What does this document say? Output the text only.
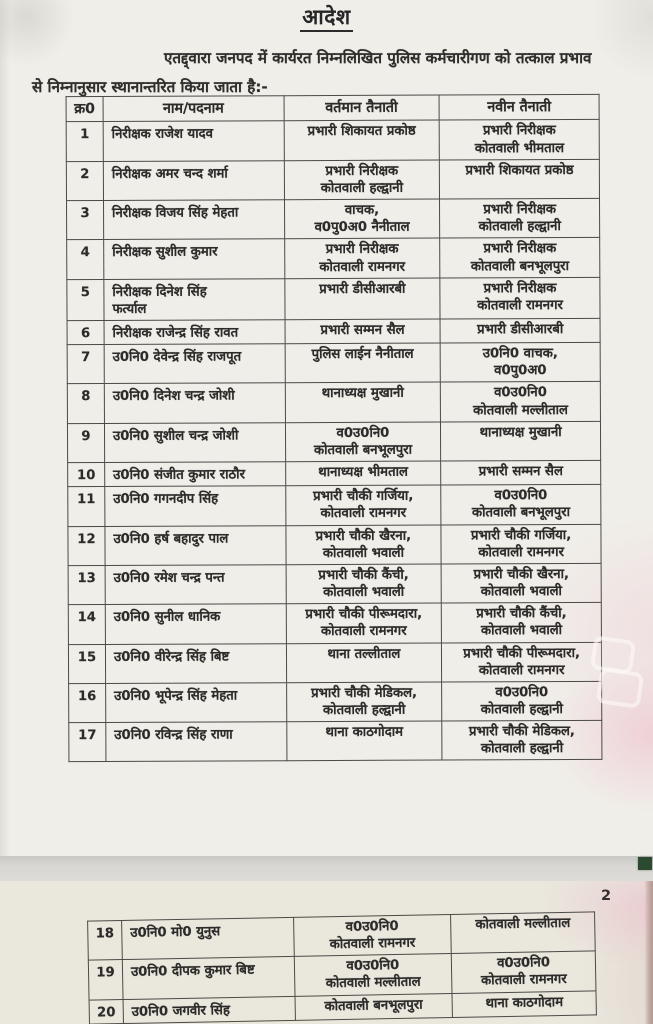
आदेश
एतद्द्वारा जनपद में कार्यरत निम्नलिखित पुलिस कर्मचारीगण को तत्काल प्रभाव
से निम्नानुसार स्थानान्तरित किया जाता है:-
क्र0	नाम/पदनाम	वर्तमान तैनाती	नवीन तैनाती
1	निरीक्षक राजेश यादव	प्रभारी शिकायत प्रकोष्ठ	प्रभारी निरीक्षक
कोतवाली भीमताल
2	निरीक्षक अमर चन्द शर्मा	प्रभारी निरीक्षक
कोतवाली हल्द्वानी	प्रभारी शिकायत प्रकोष्ठ
3	निरीक्षक विजय सिंह मेहता	वाचक,
व0पु0अ0 नैनीताल	प्रभारी निरीक्षक
कोतवाली हल्द्वानी
4	निरीक्षक सुशील कुमार	प्रभारी निरीक्षक
कोतवाली रामनगर	प्रभारी निरीक्षक
कोतवाली बनभूलपुरा
5	निरीक्षक दिनेश सिंह
फर्त्याल	प्रभारी डीसीआरबी	प्रभारी निरीक्षक
कोतवाली रामनगर
6	निरीक्षक राजेन्द्र सिंह रावत	प्रभारी सम्मन सैल	प्रभारी डीसीआरबी
7	उ0नि0 देवेन्द्र सिंह राजपूत	पुलिस लाईन नैनीताल	उ0नि0 वाचक,
व0पु0अ0
8	उ0नि0 दिनेश चन्द्र जोशी	थानाध्यक्ष मुखानी	व0उ0नि0
कोतवाली मल्लीताल
9	उ0नि0 सुशील चन्द्र जोशी	व0उ0नि0
कोतवाली बनभूलपुरा	थानाध्यक्ष मुखानी
10	उ0नि0 संजीत कुमार राठौर	थानाध्यक्ष भीमताल	प्रभारी सम्मन सैल
11	उ0नि0 गगनदीप सिंह	प्रभारी चौकी गर्जिया,
कोतवाली रामनगर	व0उ0नि0
कोतवाली बनभूलपुरा
12	उ0नि0 हर्ष बहादुर पाल	प्रभारी चौकी खैरना,
कोतवाली भवाली	प्रभारी चौकी गर्जिया,
कोतवाली रामनगर
13	उ0नि0 रमेश चन्द्र पन्त	प्रभारी चौकी कैंची,
कोतवाली भवाली	प्रभारी चौकी खैरना,
कोतवाली भवाली
14	उ0नि0 सुनील धानिक	प्रभारी चौकी पीरूमदारा,
कोतवाली रामनगर	प्रभारी चौकी कैंची,
कोतवाली भवाली
15	उ0नि0 वीरेन्द्र सिंह बिष्ट	थाना तल्लीताल	प्रभारी चौकी पीरूमदारा,
कोतवाली रामनगर
16	उ0नि0 भूपेन्द्र सिंह मेहता	प्रभारी चौकी मेडिकल,
कोतवाली हल्द्वानी	व0उ0नि0
कोतवाली हल्द्वानी
17	उ0नि0 रविन्द्र सिंह राणा	थाना काठगोदाम	प्रभारी चौकी मेडिकल,
कोतवाली हल्द्वानी
2
18	उ0नि0 मो0 युनुस	व0उ0नि0
कोतवाली रामनगर	कोतवाली मल्लीताल
19	उ0नि0 दीपक कुमार बिष्ट	व0उ0नि0
कोतवाली मल्लीताल	व0उ0नि0
कोतवाली रामनगर
20	उ0नि0 जगवीर सिंह	कोतवाली बनभूलपुरा	थाना काठगोदाम
